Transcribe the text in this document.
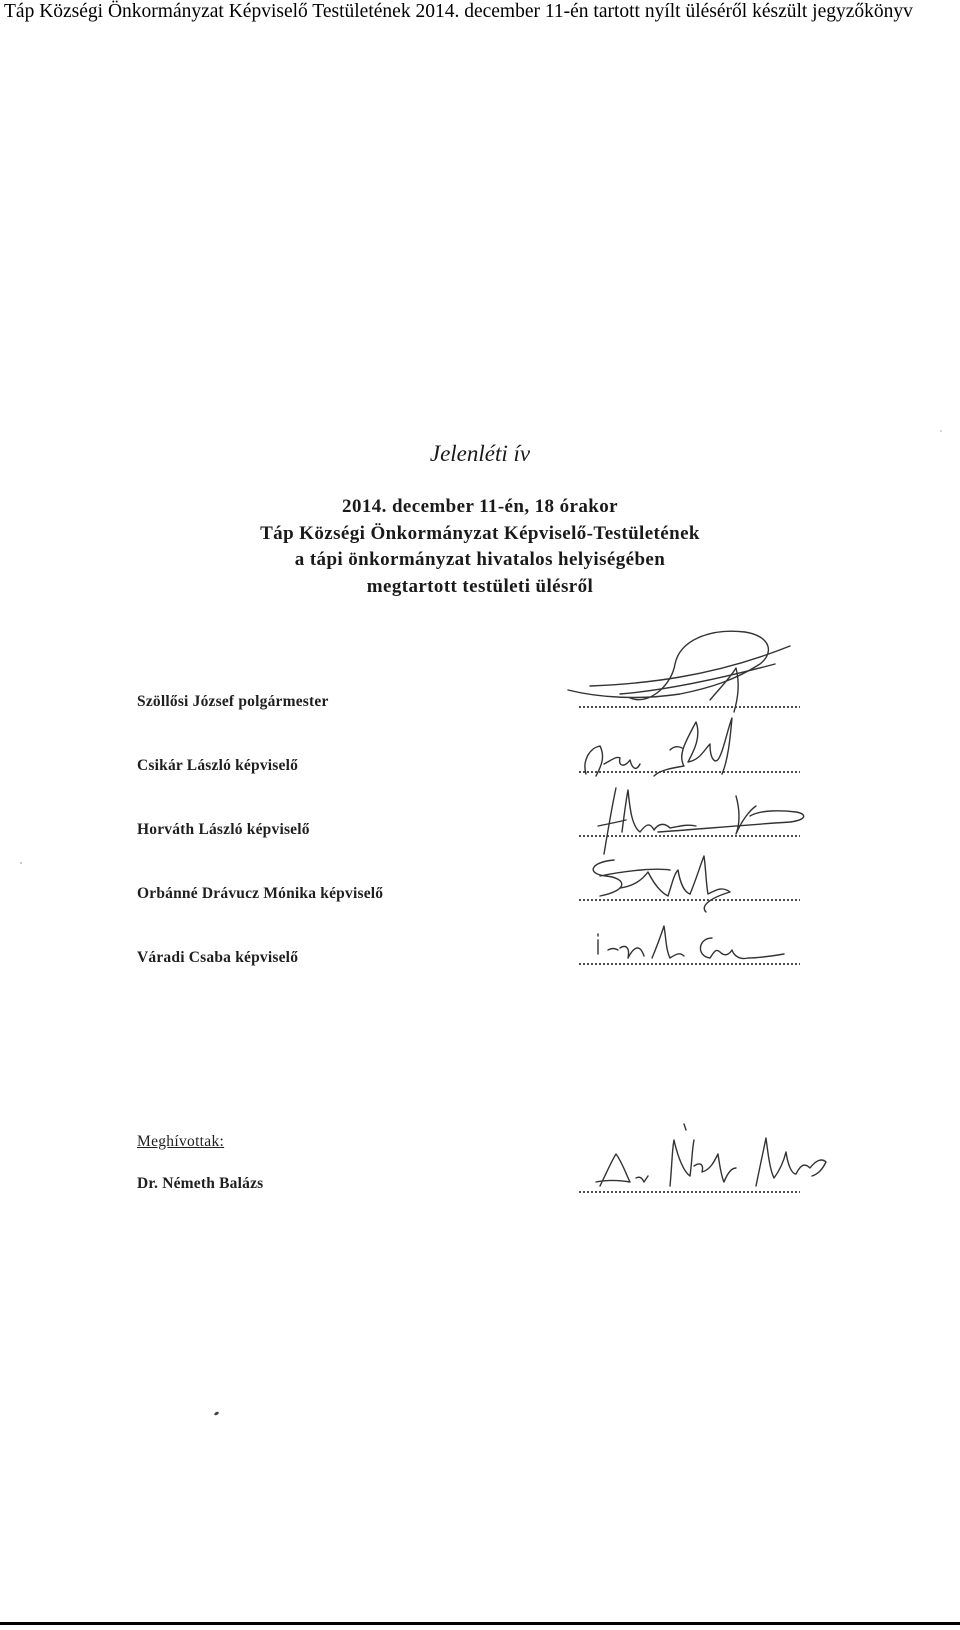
Táp Községi Önkormányzat Képviselő Testületének 2014. december 11-én tartott nyílt üléséről készült jegyzőkönyv
Jelenléti ív
2014. december 11-én, 18 órakor
Táp Községi Önkormányzat Képviselő-Testületének
a tápi önkormányzat hivatalos helyiségében
megtartott testületi ülésről
Szöllősi József polgármester
Csikár László képviselő
Horváth László képviselő
Orbánné Drávucz Mónika képviselő
Váradi Csaba képviselő
Meghívottak:
Dr. Németh Balázs
